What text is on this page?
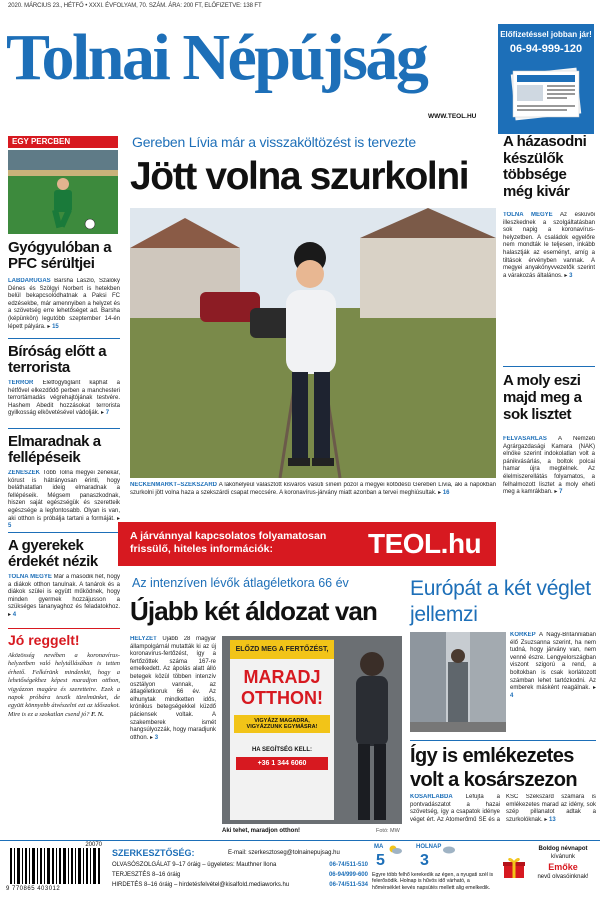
2020. MÁRCIUS 23., HÉTFŐ • XXXI. ÉVFOLYAM, 70. SZÁM. ÁRA: 200 FT, ELŐFIZETVE: 138 FT
Tolnai Népújság
WWW.TEOL.HU
Előfizetéssel jobban jár!
06-94-999-120
EGY PERCBEN
Gyógyulóban a PFC sérültjei
LABDARÚGÁS Barsha László, Szalóky Dénes és Szölgyi Norbert is hetekben belül bekapcsolódhatnak a Paksi FC edzésekbe, már amennyiben a helyzet és a szövetség erre lehetőséget ad. Barsha (képünkön) legutóbb szeptember 14-én lépett pályára. ▸ 15
Bíróság előtt a terrorista
TERROR Életfogytiglant kaphat a hétfővel elkezdődő perben a manchesteri terrortámadás végrehajtójának testvére. Hashem Abedit hozzásokat terrorista gyilkosság elkövetésével vádolják. ▸ 7
Elmaradnak a fellépéseik
ZENÉSZEK Több Tolna megyei zenekar, kórust is hátrányosan érinti, hogy beláthatatlan ideig elmaradnak a fellépéseik. Mégsem panaszkodnak, hiszen saját egészségük és szeretteik egészsége a legfontosabb. Olyan is van, aki otthon is próbálja tartani a formáját. ▸ 5
A gyerekek érdekét nézik
TOLNA MEGYE Már a második hét, hogy a diákok otthon tanulnak. A tanárok és a diákok szülei is együtt működnek, hogy minden gyermek hozzájusson a szükséges tananyaghoz és feladatokhoz. ▸ 4
Jó reggelt!
Aközösség nevében a koronavírus-helyzetben való helytállásában is tetten érhető. Felkérünk mindenkit, hogy a lehetőségekhez képest maradjon otthon, vigyázzon magára és szeretteire. Ezek a napok próbára teszik türelmünket, de együtt könnyebb átvészelni ezt az időszakot. Mire is ez a szokatlan csend jó? F. N.
Gereben Lívia már a visszaköltözést is tervezte
Jött volna szurkolni
NECKENMARKT–SZEKSZÁRD A lakóhelyéül választott kisváros vasúti sínein pózol a megyei kötődésű Gereben Lívia, aki a napokban szurkolni jött volna haza a szekszárdi csapat meccsére. A koronavírus-járvány miatt azonban a tervei meghiúsultak. ▸ 16
A járvánnyal kapcsolatos folyamatosan frissülő, hiteles információk:	TEOL.hu
A házasodni készülők többsége még kivár
TOLNA MEGYE Az esküvői illeszkednek a szolgáltatásban sok napig a koronavírus-helyzetben. A családok egyelőre nem mondták le teljesen, inkább halasztják az eseményt, amíg a tiltások érvényben vannak. A megyei anyakönyvvezetők szerint a várakozás általános. ▸ 3
A moly eszi majd meg a sok lisztet
FELVÁSÁRLÁS A Nemzeti Agrárgazdasági Kamara (NAK) elnöke szerint indokolatlan volt a pánikvásárlás, a boltok polcai hamar újra megtelnek. Az élelmiszerellátás folyamatos, a felhalmozott lisztet a moly eheti meg a kamrákban. ▸ 7
Az intenzíven lévők átlagéletkora 66 év
Újabb két áldozat van
HELYZET Újabb 28 magyar állampolgárnál mutatták ki az új koronavírus-fertőzést, így a fertőzöttek száma 167-re emelkedett. Az ápolás alatt álló betegek közül többen intenzív osztályon vannak, az átlagéletkoruk 66 év. Az elhunytak mindketten idős, krónikus betegségekkel küzdő páciensek voltak. A szakemberek ismét hangsúlyozzák, hogy maradjunk otthon. ▸ 3
ELŐZD MEG A FERTŐZÉST,
MARADJ
OTTHON!
VIGYÁZZ MAGADRA, VIGYÁZZUNK EGYMÁSRA!
HA SEGÍTSÉG KELL:
+36 1 344 6060
Aki tehet, maradjon otthon!	Fotó: MW
Európát a két véglet jellemzi
KÓRKÉP A Nagy-Britanniában élő Zsuzsanna szerint, ha nem tudná, hogy járvány van, nem venné észre. Lengyelországban viszont szigorú a rend, a boltokban is csak korlátozott számban lehet tartózkodni. Az emberek másként reagálnak. ▸ 4
Így is emlékezetes volt a kosárszezon
KOSÁRLABDA Lefújta a pontvadászatot a hazai szövetség, így a csapatok idénye véget ért. Az Atomerőmű SE és a KSC Szekszárd számára is emlékezetes marad az idény, sok szép pillanatot adtak a szurkolóknak. ▸ 13
20070
9 770865 403012
SZERKESZTŐSÉG:	E-mail: szerkesztoseg@tolnainepujsag.hu
OLVASÓSZOLGÁLAT 9–17 óráig – ügyeletes: Mauthner Ilona	06-74/511-510
TERJESZTÉS 8–16 óráig	06-94/999-600
HIRDETÉS 8–16 óráig – hirdetésfelvétel@kisalfold.mediaworks.hu	06-74/511-534
MA
5
HOLNAP
3
Egyre több felhő kerekedik az égen, a nyugati szél is felerősödik. Holnap is hűvös idő várható, a hőmérséklet kevés napsütés mellett alig emelkedik.
Boldog névnapot
kívánunk
Emőke
nevű olvasóinknak!
